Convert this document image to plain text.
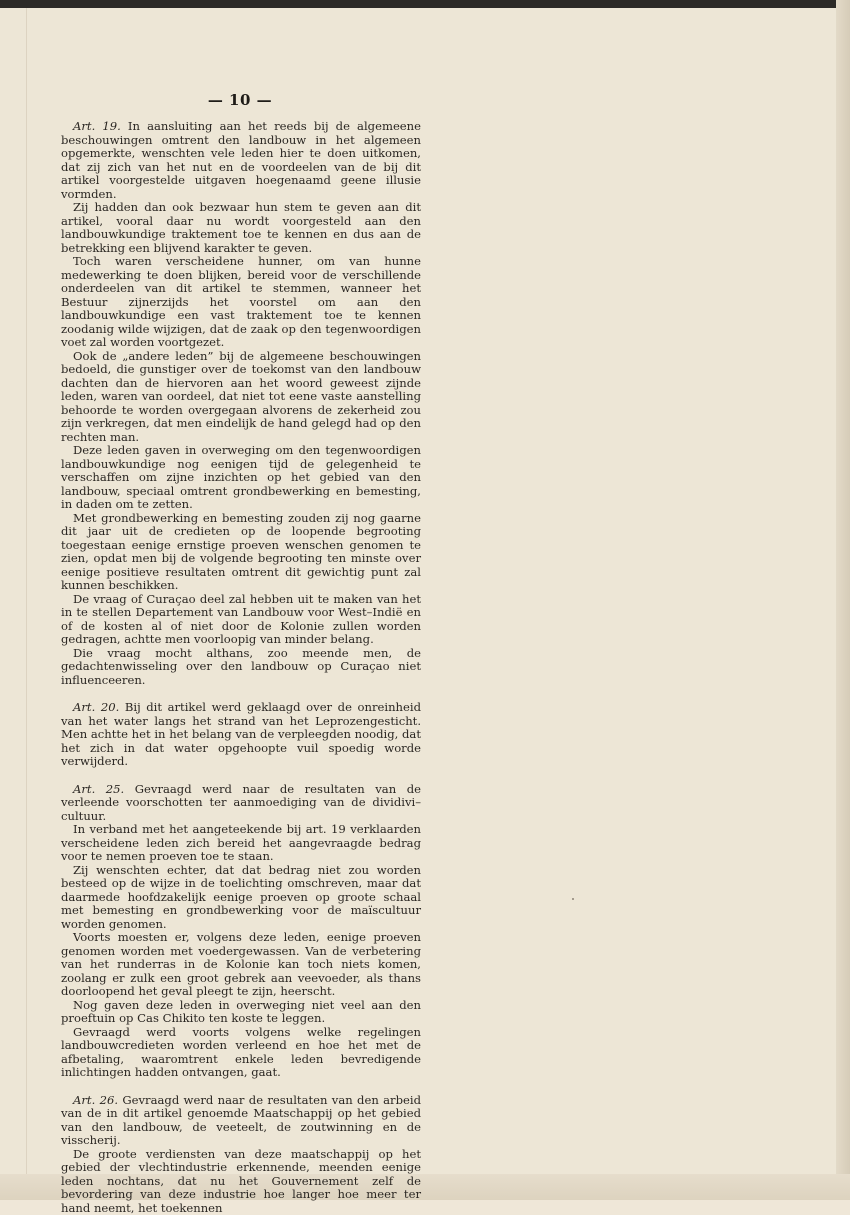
— 10 —

Art. 19. In aansluiting aan het reeds bij de algemeene beschouwingen omtrent den landbouw in het algemeen opgemerkte, wenschten vele leden hier te doen uitkomen, dat zij zich van het nut en de voordeelen van de bij dit artikel voorgestelde uitgaven hoegenaamd geene illusie vormden.

Zij hadden dan ook bezwaar hun stem te geven aan dit artikel, vooral daar nu wordt voorgesteld aan den landbouwkundige traktement toe te kennen en dus aan de betrekking een blijvend karakter te geven.

Toch waren verscheidene hunner, om van hunne medewerking te doen blijken, bereid voor de verschillende onderdeelen van dit artikel te stemmen, wanneer het Bestuur zijnerzijds het voorstel om aan den landbouwkundige een vast traktement toe te kennen zoodanig wilde wijzigen, dat de zaak op den tegenwoordigen voet zal worden voortgezet.

Ook de „andere leden” bij de algemeene beschouwingen bedoeld, die gunstiger over de toekomst van den landbouw dachten dan de hiervoren aan het woord geweest zijnde leden, waren van oordeel, dat niet tot eene vaste aanstelling behoorde te worden overgegaan alvorens de zekerheid zou zijn verkregen, dat men eindelijk de hand gelegd had op den rechten man.

Deze leden gaven in overweging om den tegenwoordigen landbouwkundige nog eenigen tijd de gelegenheid te verschaffen om zijne inzichten op het gebied van den landbouw, speciaal omtrent grondbewerking en bemesting, in daden om te zetten.

Met grondbewerking en bemesting zouden zij nog gaarne dit jaar uit de credieten op de loopende begrooting toegestaan eenige ernstige proeven wenschen genomen te zien, opdat men bij de volgende begrooting ten minste over eenige positieve resultaten omtrent dit gewichtig punt zal kunnen beschikken.

De vraag of Curaçao deel zal hebben uit te maken van het in te stellen Departement van Landbouw voor West–Indië en of de kosten al of niet door de Kolonie zullen worden gedragen, achtte men voorloopig van minder belang.

Die vraag mocht althans, zoo meende men, de gedachtenwisseling over den landbouw op Curaçao niet influenceeren.

Art. 20. Bij dit artikel werd geklaagd over de onreinheid van het water langs het strand van het Leprozengesticht. Men achtte het in het belang van de verpleegden noodig, dat het zich in dat water opgehoopte vuil spoedig worde verwijderd.

Art. 25. Gevraagd werd naar de resultaten van de verleende voorschotten ter aanmoediging van de dividivi–cultuur.

In verband met het aangeteekende bij art. 19 verklaarden verscheidene leden zich bereid het aangevraagde bedrag voor te nemen proeven toe te staan.

Zij wenschten echter, dat dat bedrag niet zou worden besteed op de wijze in de toelichting omschreven, maar dat daarmede hoofdzakelijk eenige proeven op groote schaal met bemesting en grondbewerking voor de maïscultuur worden genomen.

Voorts moesten er, volgens deze leden, eenige proeven genomen worden met voedergewassen. Van de verbetering van het runderras in de Kolonie kan toch niets komen, zoolang er zulk een groot gebrek aan veevoeder, als thans doorloopend het geval pleegt te zijn, heerscht.

Nog gaven deze leden in overweging niet veel aan den proeftuin op Cas Chikito ten koste te leggen.

Gevraagd werd voorts volgens welke regelingen landbouwcredieten worden verleend en hoe het met de afbetaling, waaromtrent enkele leden bevredigende inlichtingen hadden ontvangen, gaat.

Art. 26. Gevraagd werd naar de resultaten van den arbeid van de in dit artikel genoemde Maatschappij op het gebied van den landbouw, de veeteelt, de zoutwinning en de visscherij.

De groote verdiensten van deze maatschappij op het gebied der vlechtindustrie erkennende, meenden eenige leden nochtans, dat nu het Gouvernement zelf de bevordering van deze industrie hoe langer hoe meer ter hand neemt, het toekennen
